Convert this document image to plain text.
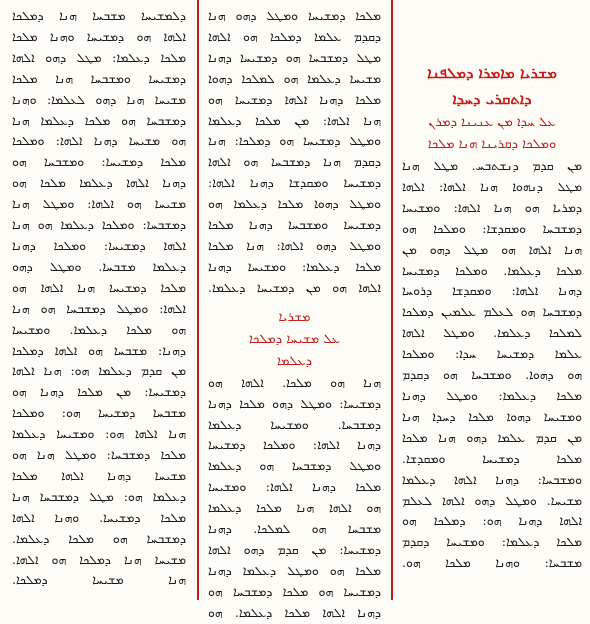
ܕܠܡܫܝܚܐ ܡܫܒܚܐ ܗܢܐ ܕܡܠܟܐ
ܐܠܗܐ ܗܘ ܕܡܫܝܚܐ ܘܗܢܐ ܡܠܟܐ
ܡܠܟܐ ܕܥܠܡܐ: ܡܛܠ ܕܗܘ ܐܠܗܐ
ܕܡܫܝܚܐ ܘܡܫܒܚܐ ܗܢܐ ܡܠܟܐ
ܡܫܝܚܐ ܗܢܐ ܕܗܘ ܠܥܠܡܐ: ܘܗܢܐ
ܕܡܫܒܚܐ ܗܘ ܡܠܟܐ ܕܥܠܡܐ ܗܢܐ
ܗܘ ܡܫܝܚܐ ܕܗܢܐ ܐܠܗܐ: ܘܡܠܟܐ
ܡܠܟܐ ܕܡܫܝܚܐ: ܘܡܫܒܚܐ ܗܘ
ܕܗܢܐ ܐܠܗܐ ܕܥܠܡܐ ܡܠܟܐ ܗܘ
ܡܫܝܚܐ ܗܘ ܐܠܗܐ: ܘܡܛܠ ܗܢܐ
ܕܡܫܒܚܐ: ܘܡܠܟܐ ܕܥܠܡܐ ܗܘ ܗܢܐ
ܐܠܗܐ ܕܡܫܝܚܐ: ܘܡܠܟܐ ܕܗܢܐ
ܕܥܠܡܐ ܡܫܒܚܐ. ܘܡܛܠ ܕܗܘ
ܡܠܟܐ ܕܡܫܝܚܐ ܗܢܐ ܐܠܗܐ ܗܘ
ܐܠܗܐ: ܘܡܛܠ ܕܡܫܒܚܐ ܗܘ ܗܢܐ
ܗܘ ܡܠܟܐ ܕܥܠܡܐ. ܘܡܫܝܚܐ
ܕܗܢܐ: ܡܫܒܚܐ ܗܘ ܐܠܗܐ ܕܡܠܟܐ
ܡܢ ܩܕܡ ܕܥܠܡܐ ܗܘ: ܗܢܐ ܐܠܗܐ
ܕܡܫܝܚܐ: ܡܢ ܡܠܟܐ ܕܗܢܐ ܗܘ
ܡܫܒܚܐ ܕܡܫܝܚܐ ܗܘ: ܘܡܠܟܐ
ܗܢܐ ܐܠܗܐ ܗܘ: ܘܡܫܝܚܐ ܕܥܠܡܐ
ܡܠܟܐ ܕܡܫܒܚܐ: ܘܡܛܠ ܗܢܐ ܗܘ
ܡܫܝܚܐ ܕܗܢܐ ܐܠܗܐ ܡܠܟܐ
ܕܥܠܡܐ ܗܘ: ܡܛܠ ܕܡܫܒܚܐ ܗܢܐ
ܡܠܟܐ ܕܡܫܝܚܐ. ܘܗܢܐ ܐܠܗܐ
ܕܡܫܒܚܐ ܗܘ ܡܠܟܐ ܕܥܠܡܐ.
ܡܫܝܚܐ ܗܢܐ ܕܡܠܟܐ ܗܘ ܐܠܗܐ.
ܗܢܐ ܡܫܝܚܐ ܕܡܠܟܐ.
ܡܠܟܐ ܕܡܫܝܚܐ ܘܡܛܠ ܕܗܘ ܗܢܐ
ܕܩܕܡ ܥܠܡܐ ܕܡܠܟܐ ܗܘ ܐܠܗܐ
ܡܛܠ ܕܡܫܒܚܐ ܗܘ ܕܡܫܝܚܐ ܕܗܢܐ
ܡܫܝܚܐ ܕܥܠܡܐ ܗܘ ܠܡܠܟܐ ܕܗܘܐ
ܡܠܟܐ ܕܗܢܐ ܐܠܗܐ ܕܡܫܝܚܐ ܗܘ
ܗܢܐ ܐܠܗܐ: ܡܢ ܡܠܟܐ ܕܥܠܡܐ
ܘܡܛܠ ܕܡܫܝܚܐ ܗܘ ܕܡܠܟܐ: ܗܢܐ
ܕܩܕܡ ܗܢܐ ܕܡܫܒܚܐ ܗܘ ܐܠܗܐ
ܕܡܫܝܚܐ ܘܡܩܕܫܐ ܕܗܢܐ ܐܠܗܐ:
ܘܡܛܠ ܕܗܘܐ ܡܠܟܐ ܕܥܠܡܐ ܗܘ
ܕܡܫܝܚܐ ܘܡܫܒܚܐ ܕܗܢܐ ܡܠܟܐ
ܘܡܛܠ ܕܗܘ ܐܠܗܐ: ܗܢܐ ܡܠܟܐ
ܡܠܟܐ ܕܥܠܡܐ: ܘܡܫܝܚܐ ܕܗܢܐ
ܐܠܗܐ ܗܘ ܡܢ ܕܡܫܝܚܐ ܕܥܠܡܐ.
ܡܫܪܝܐ
ܥܠ ܡܫܝܚܐ ܕܡܠܟܐ
ܕܥܠܡܐ
ܗܢܐ ܗܘ ܡܠܟܐ. ܐܠܗܐ ܗܘ
ܕܡܫܝܚܐ: ܘܡܛܠ ܕܗܘ ܡܠܟܐ ܕܗܢܐ
ܕܡܫܒܚܐ. ܘܡܫܝܚܐ ܕܥܠܡܐ
ܕܗܢܐ ܐܠܗܐ: ܘܡܠܟܐ ܕܡܫܝܚܐ
ܘܡܛܠ ܕܡܫܒܚܐ ܗܘ ܕܥܠܡܐ
ܡܠܟܐ ܕܗܢܐ ܐܠܗܐ: ܘܡܫܝܚܐ
ܗܘ ܐܠܗܐ ܗܢܐ ܡܠܟܐ ܕܥܠܡܐ
ܡܫܒܚܐ ܗܘ ܠܡܠܟܐ. ܕܗܢܐ
ܕܡܫܝܚܐ: ܡܢ ܩܕܡ ܕܗܘ ܐܠܗܐ
ܡܠܟܐ ܗܘ ܘܡܛܠ ܕܥܠܡܐ ܕܗܢܐ
ܕܡܫܝܚܐ ܗܘ ܡܠܟܐ ܕܡܫܒܚܐ ܗܘ
ܕܗܢܐ ܐܠܗܐ ܡܠܟܐ ܕܥܠܡܐ. ܗܘ
ܡܫܪܝܐ ܡܐܡܪܐ ܕܡܠܦܢܐ
ܕܐܬܩܪܝ ܕܚܕܐ
ܥܠ ܚܕܐ ܡܢ ܥܢܝܢܐ ܕܡܪܢ
ܘܡܠܟܐ ܕܩܪܝܢܐ ܗܢܐ ܡܠܟܐ
ܡܢ ܩܕܡ ܕܢܫܬܒܚ. ܡܛܠ ܗܢܐ
ܡܛܠ ܕܢܗܘܐ ܗܢܐ ܐܠܗܐ: ܐܠܗܐ
ܕܡܪܝܐ ܗܘ ܗܢܐ ܐܠܗܐ: ܘܡܫܝܚܐ
ܕܡܫܒܚܐ ܘܡܩܕܫܐ: ܘܡܠܟܐ ܗܘ
ܗܢܐ ܐܠܗܐ ܗܘ ܡܛܠ ܕܗܘ ܡܢ
ܡܠܟܐ ܕܥܠܡܐ. ܘܡܠܟܐ ܕܡܫܝܚܐ
ܕܗܢܐ ܐܠܗܐ: ܘܡܩܕܫܐ ܕܪܘܚܐ
ܕܡܫܒܚܐ ܗܘ ܠܥܠܡ ܥܠܡܝܢ ܕܡܠܟܐ
ܠܡܠܟܐ ܕܥܠܡܐ. ܘܡܛܠ ܐܠܗܐ
ܥܠܡܐ ܕܡܫܝܚܐ ܚܕܐ: ܘܡܠܟܐ
ܗܘ ܕܗܘܐ. ܘܡܫܒܚܐ ܗܘ ܕܩܕܡ
ܡܠܟܐ ܕܥܠܡܐ: ܘܡܛܠ ܕܗܢܐ
ܘܡܫܝܚܐ ܕܗܘܐ ܡܠܟܐ ܕܚܕܐ ܗܢܐ
ܡܢ ܩܕܡ ܥܠܡܐ ܕܗܘ ܗܢܐ ܡܠܟܐ
ܡܠܟܐ ܕܡܫܝܚܐ ܘܡܩܕܫܐ.
ܘܡܫܒܚܐ: ܕܗܢܐ ܐܠܗܐ ܕܥܠܡܐ
ܡܫܝܚܐ. ܘܡܛܠ ܕܗܘ ܐܠܗܐ ܠܥܠܡ
ܐܠܗܐ ܕܗܢܐ ܗܘ: ܕܡܠܟܐ ܗܘ
ܡܠܟܐ ܕܥܠܡܐ: ܘܡܫܝܚܐ ܕܩܕܡ
ܡܫܒܚܐ: ܘܗܢܐ ܡܠܟܐ ܗܘ.
